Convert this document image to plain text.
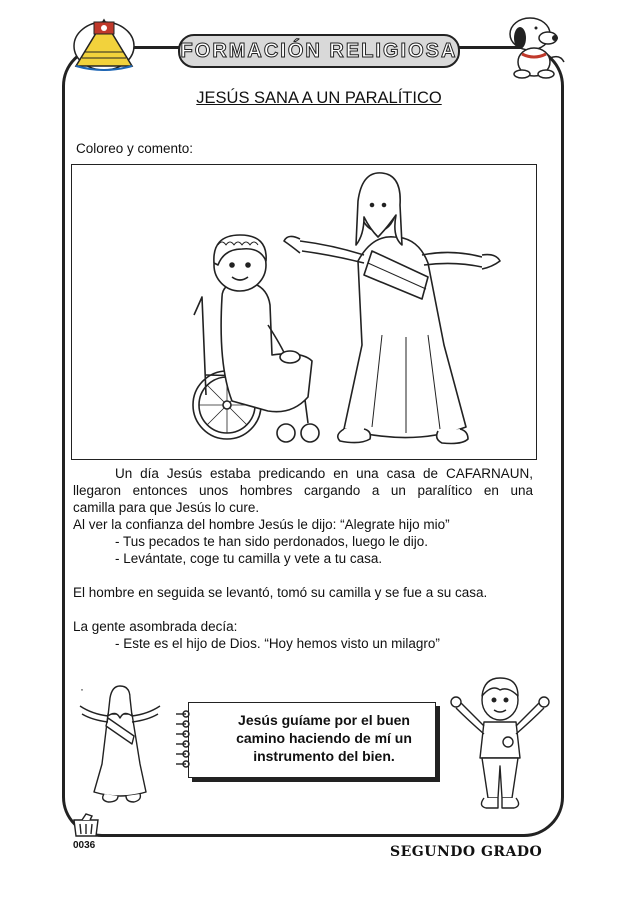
FORMACIÓN RELIGIOSA
JESÚS SANA A UN PARALÍTICO
Coloreo y comento:

Un día Jesús estaba predicando en una casa de CAFARNAUN,

llegaron entonces unos hombres cargando a un paralítico en una

camilla para que Jesús lo cure.

Al ver la confianza del hombre Jesús le dijo: “Alegrate hijo mio”

- Tus pecados te han sido perdonados, luego le dijo.

- Levántate, coge tu camilla y vete a tu casa.

El hombre en seguida se levantó, tomó su camilla y se fue a su casa.

La gente asombrada decía:

- Este es el hijo de Dios. “Hoy hemos visto un milagro”

·
Jesús guíame por el buen
camino haciendo de mí un
instrumento del bien.
0036	SEGUNDO GRADO
